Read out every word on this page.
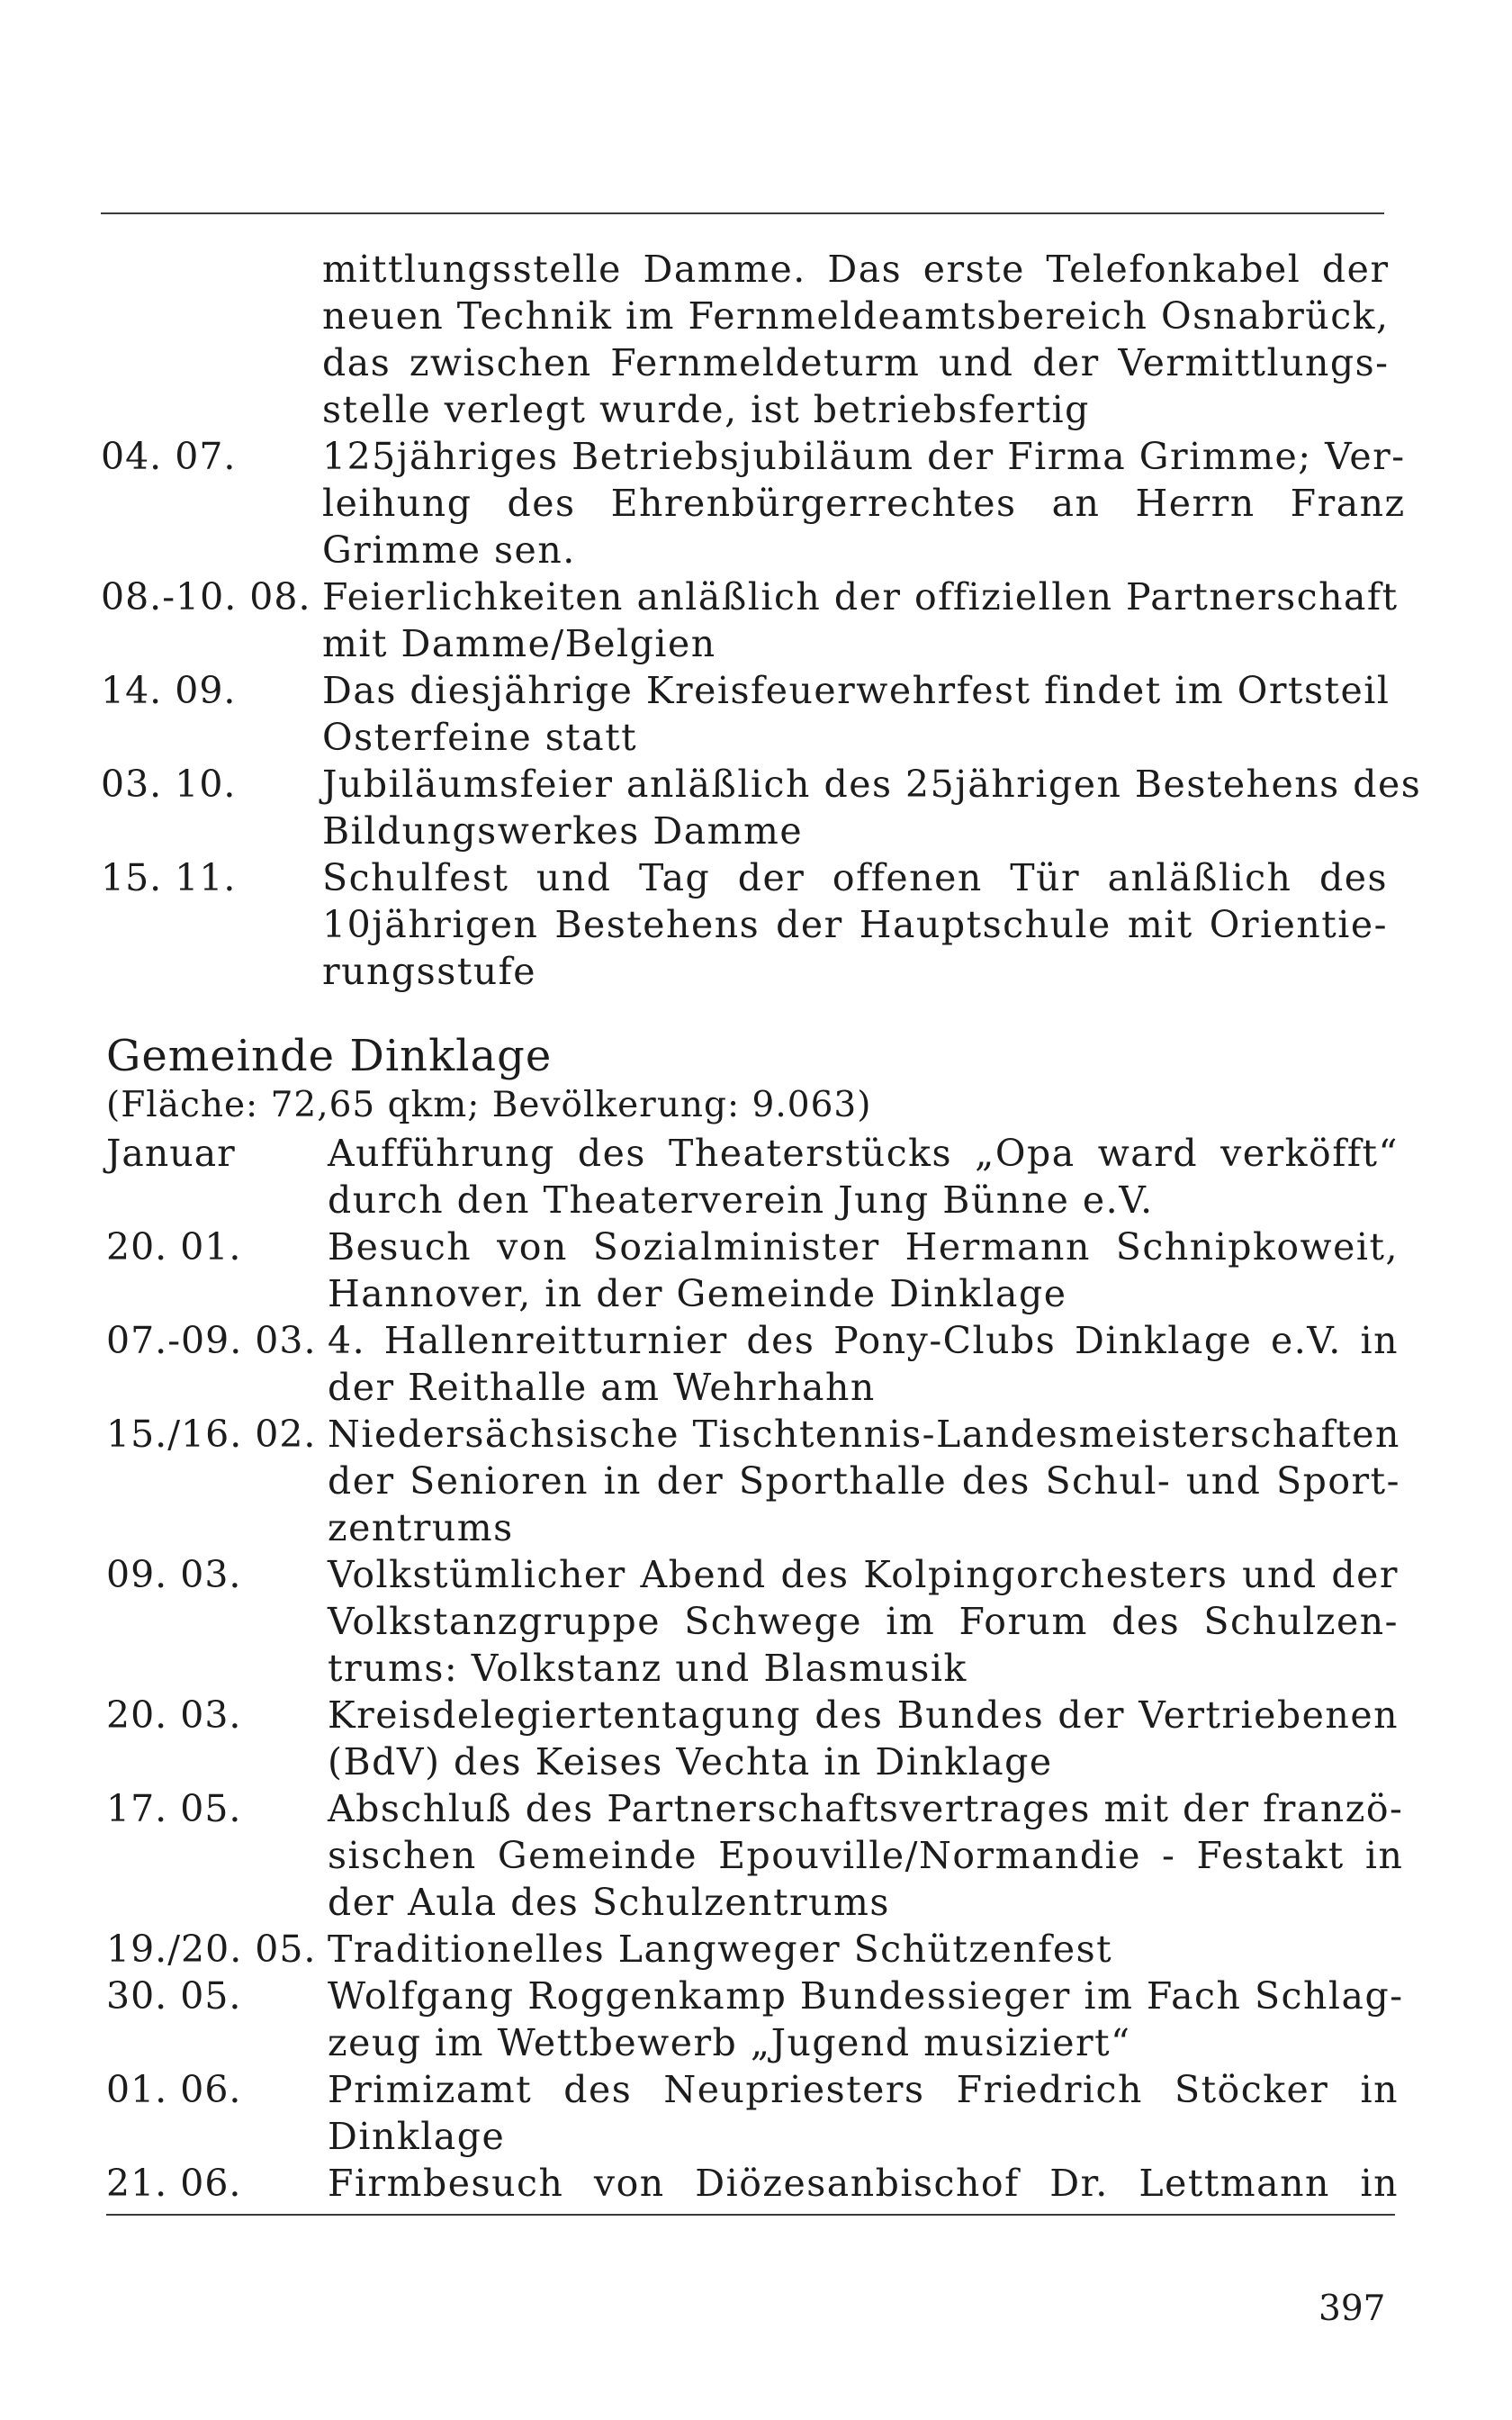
mittlungsstelle Damme. Das erste Telefonkabel der
neuen Technik im Fernmeldeamtsbereich Osnabrück,
das zwischen Fernmeldeturm und der Vermittlungs-
stelle verlegt wurde, ist betriebsfertig
04. 07.	125jähriges Betriebsjubiläum der Firma Grimme; Ver-
leihung des Ehrenbürgerrechtes an Herrn Franz
Grimme sen.
08.-10. 08. Feierlichkeiten anläßlich der offiziellen Partnerschaft
mit Damme/Belgien
14. 09.	Das diesjährige Kreisfeuerwehrfest findet im Ortsteil
Osterfeine statt
03. 10.	Jubiläumsfeier anläßlich des 25jährigen Bestehens des
Bildungswerkes Damme
15. 11.	Schulfest und Tag der offenen Tür anläßlich des
10jährigen Bestehens der Hauptschule mit Orientie-
rungsstufe
Gemeinde Dinklage
(Fläche: 72,65 qkm; Bevölkerung: 9.063)
Januar	Aufführung des Theaterstücks „Opa ward verköfft“
durch den Theaterverein Jung Bünne e.V.
20. 01.	Besuch von Sozialminister Hermann Schnipkoweit,
Hannover, in der Gemeinde Dinklage
07.-09. 03. 4. Hallenreitturnier des Pony-Clubs Dinklage e.V. in
der Reithalle am Wehrhahn
15./16. 02. Niedersächsische Tischtennis-Landesmeisterschaften
der Senioren in der Sporthalle des Schul- und Sport-
zentrums
09. 03.	Volkstümlicher Abend des Kolpingorchesters und der
Volkstanzgruppe Schwege im Forum des Schulzen-
trums: Volkstanz und Blasmusik
20. 03.	Kreisdelegiertentagung des Bundes der Vertriebenen
(BdV) des Keises Vechta in Dinklage
17. 05.	Abschluß des Partnerschaftsvertrages mit der franzö-
sischen Gemeinde Epouville/Normandie - Festakt in
der Aula des Schulzentrums
19./20. 05. Traditionelles Langweger Schützenfest
30. 05.	Wolfgang Roggenkamp Bundessieger im Fach Schlag-
zeug im Wettbewerb „Jugend musiziert“
01. 06.	Primizamt des Neupriesters Friedrich Stöcker in
Dinklage
21. 06.	Firmbesuch von Diözesanbischof Dr. Lettmann in
397
